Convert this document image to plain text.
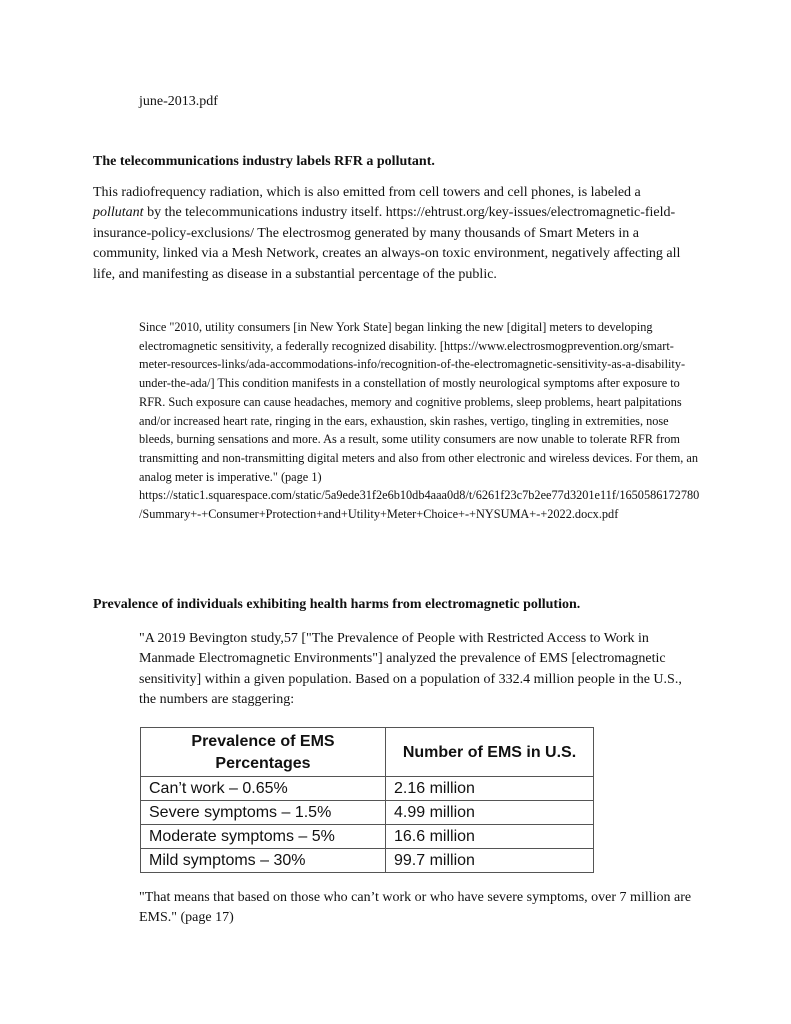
june-2013.pdf
The telecommunications industry labels RFR a pollutant.
This radiofrequency radiation, which is also emitted from cell towers and cell phones, is labeled a pollutant by the telecommunications industry itself. https://ehtrust.org/key-issues/electromagnetic-field-insurance-policy-exclusions/ The electrosmog generated by many thousands of Smart Meters in a community, linked via a Mesh Network, creates an always-on toxic environment, negatively affecting all life, and manifesting as disease in a substantial percentage of the public.
Since "2010, utility consumers [in New York State] began linking the new [digital] meters to developing electromagnetic sensitivity, a federally recognized disability. [https://www.electrosmogprevention.org/smart-meter-resources-links/ada-accommodations-info/recognition-of-the-electromagnetic-sensitivity-as-a-disability-under-the-ada/] This condition manifests in a constellation of mostly neurological symptoms after exposure to RFR. Such exposure can cause headaches, memory and cognitive problems, sleep problems, heart palpitations and/or increased heart rate, ringing in the ears, exhaustion, skin rashes, vertigo, tingling in extremities, nose bleeds, burning sensations and more. As a result, some utility consumers are now unable to tolerate RFR from transmitting and non-transmitting digital meters and also from other electronic and wireless devices. For them, an analog meter is imperative." (page 1) https://static1.squarespace.com/static/5a9ede31f2e6b10db4aaa0d8/t/6261f23c7b2ee77d3201e11f/1650586172780/Summary+-+Consumer+Protection+and+Utility+Meter+Choice+-+NYSUMA+-+2022.docx.pdf
Prevalence of individuals exhibiting health harms from electromagnetic pollution.
"A 2019 Bevington study,57 ["The Prevalence of People with Restricted Access to Work in Manmade Electromagnetic Environments"] analyzed the prevalence of EMS [electromagnetic sensitivity] within a given population. Based on a population of 332.4 million people in the U.S., the numbers are staggering:
Prevalence of EMS Percentages	Number of EMS in U.S.
Can’t work – 0.65%	2.16 million
Severe symptoms – 1.5%	4.99 million
Moderate symptoms – 5%	16.6 million
Mild symptoms – 30%	99.7 million
"That means that based on those who can’t work or who have severe symptoms, over 7 million are EMS." (page 17)
